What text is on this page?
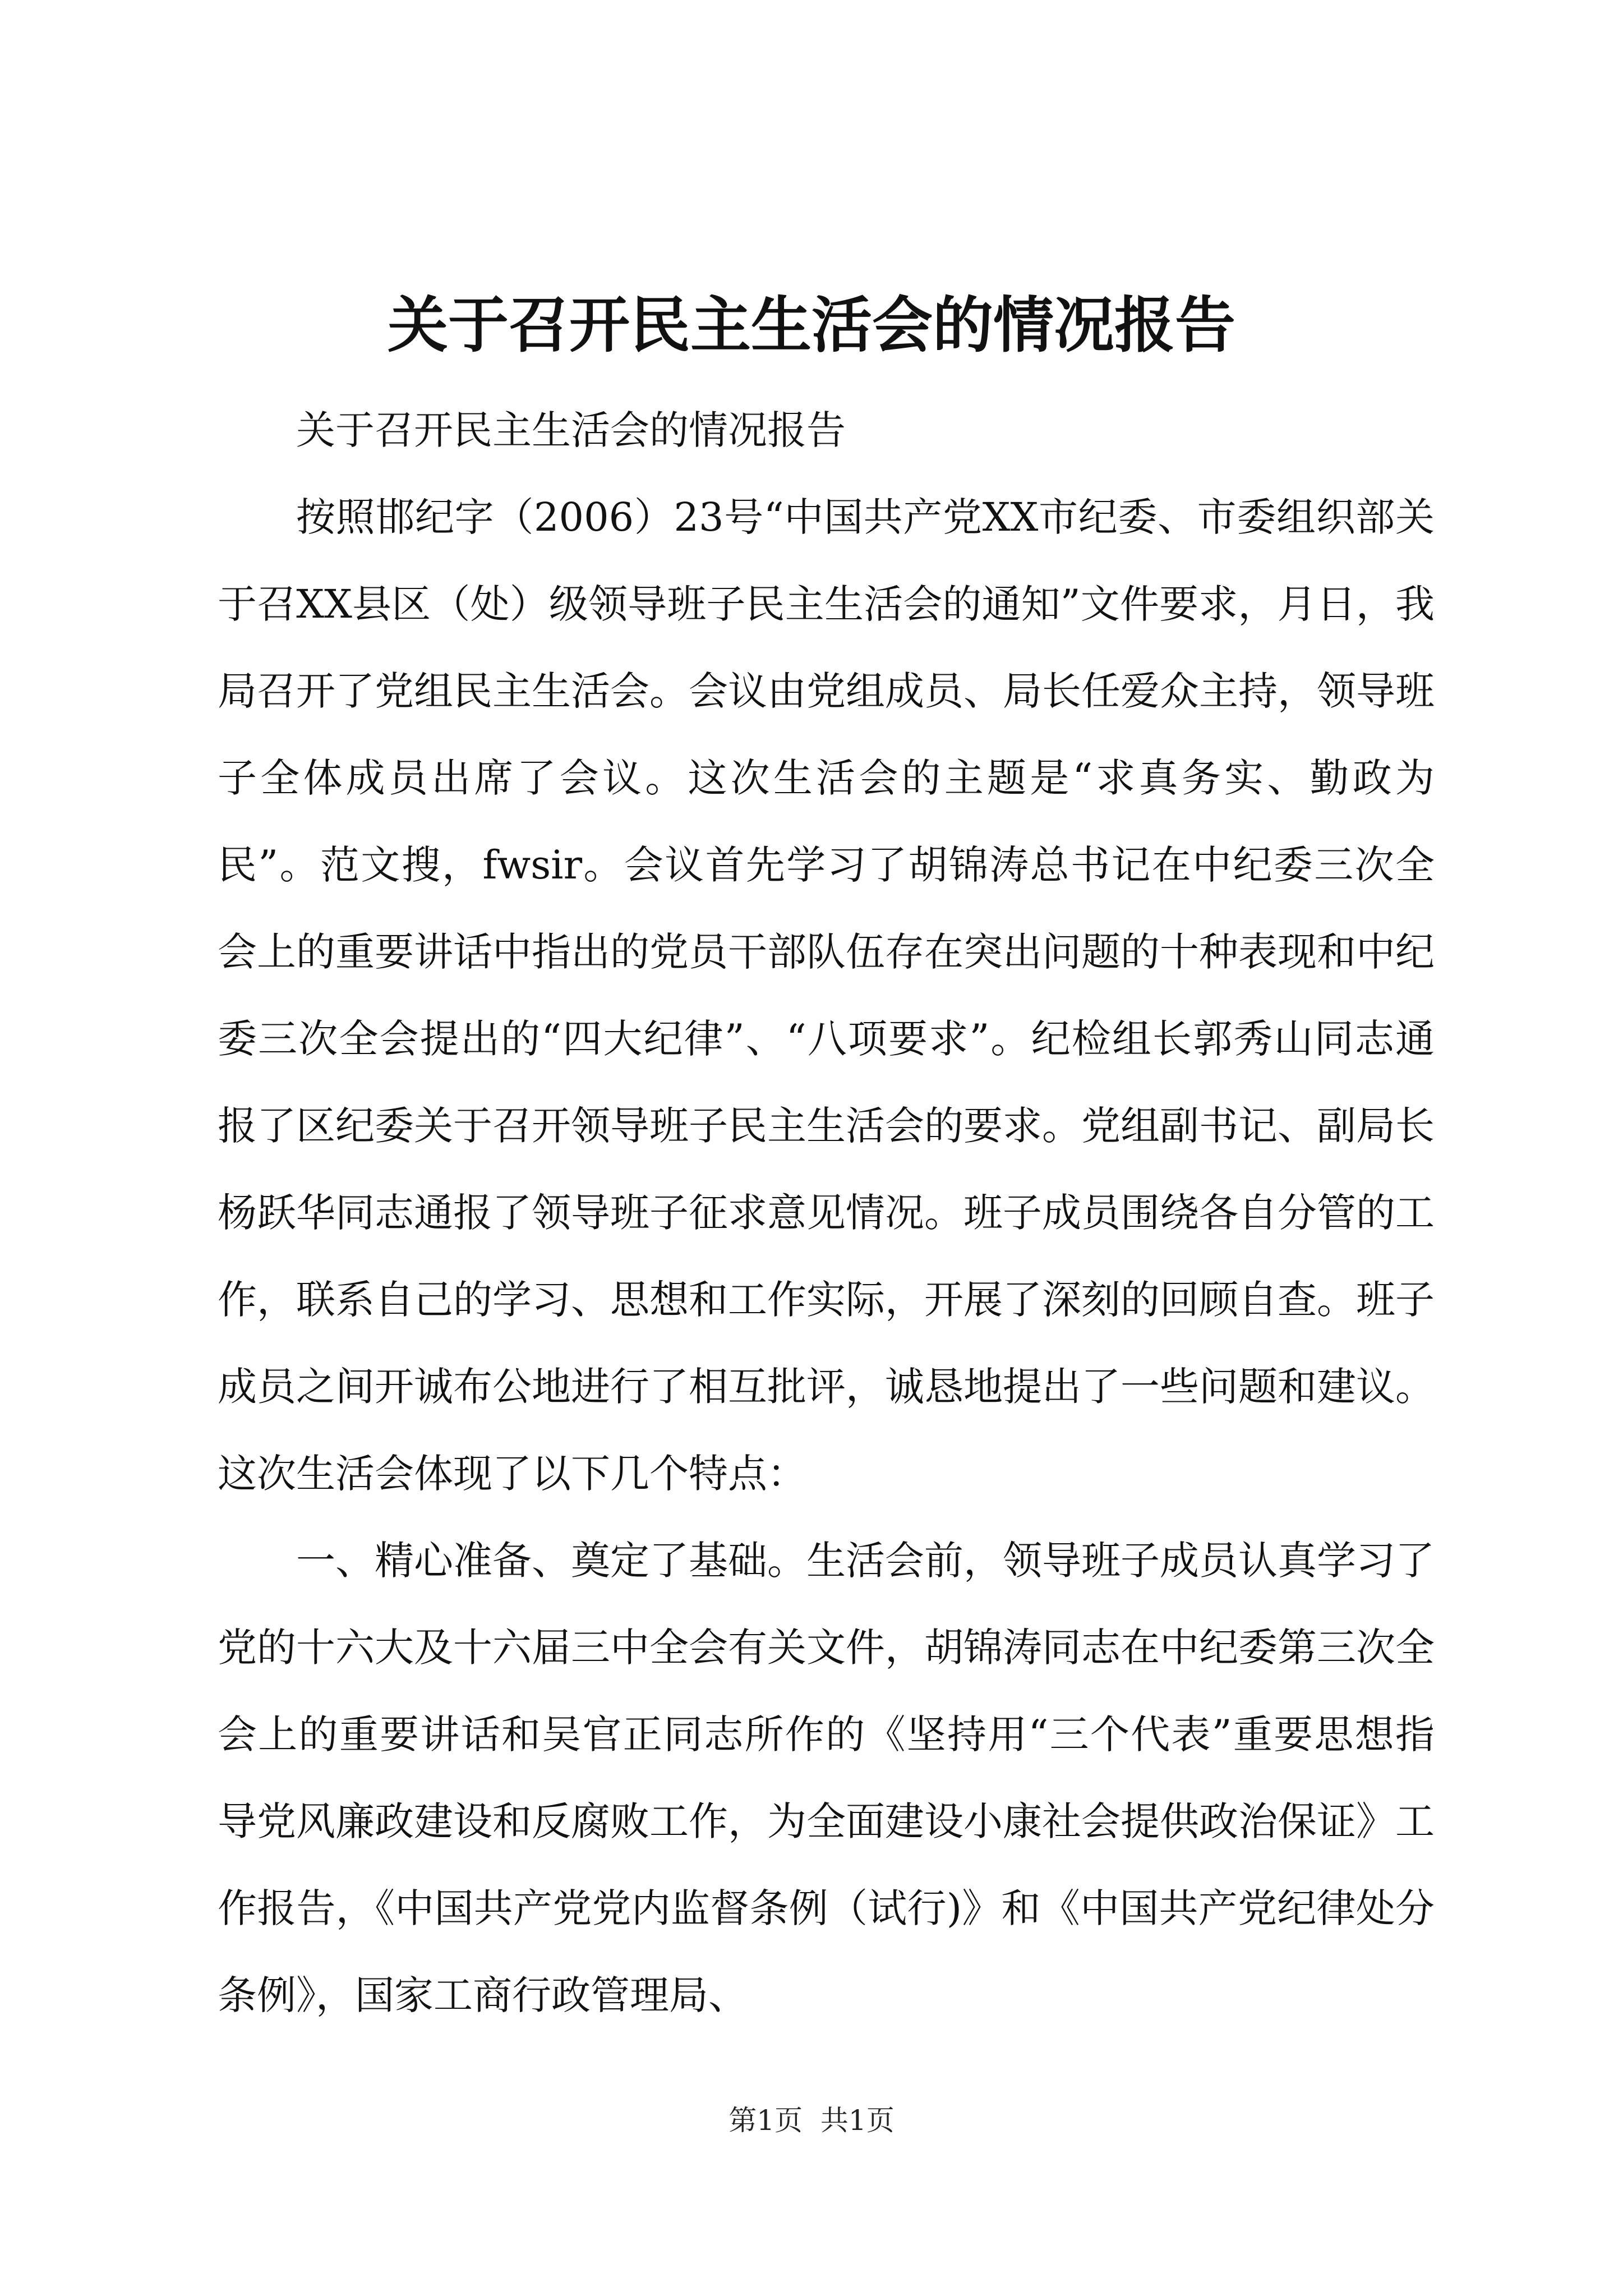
关于召开民主生活会的情况报告

关于召开民主生活会的情况报告

按照邯纪字（2006）23号“中国共产党XX市纪委、市委组织部关于召XX县区（处）级领导班子民主生活会的通知”文件要求，月日，我局召开了党组民主生活会。会议由党组成员、局长任爱众主持，领导班子全体成员出席了会议。这次生活会的主题是“求真务实、勤政为民”。范文搜，fwsir。会议首先学习了胡锦涛总书记在中纪委三次全会上的重要讲话中指出的党员干部队伍存在突出问题的十种表现和中纪委三次全会提出的“四大纪律”、“八项要求”。纪检组长郭秀山同志通报了区纪委关于召开领导班子民主生活会的要求。党组副书记、副局长杨跃华同志通报了领导班子征求意见情况。班子成员围绕各自分管的工作，联系自己的学习、思想和工作实际，开展了深刻的回顾自查。班子成员之间开诚布公地进行了相互批评，诚恳地提出了一些问题和建议。这次生活会体现了以下几个特点：

一、精心准备、奠定了基础。生活会前，领导班子成员认真学习了党的十六大及十六届三中全会有关文件，胡锦涛同志在中纪委第三次全会上的重要讲话和吴官正同志所作的《坚持用“三个代表”重要思想指导党风廉政建设和反腐败工作，为全面建设小康社会提供政治保证》工作报告，《中国共产党党内监督条例（试行)》和《中国共产党纪律处分条例》，国家工商行政管理局、

第1页  共1页
